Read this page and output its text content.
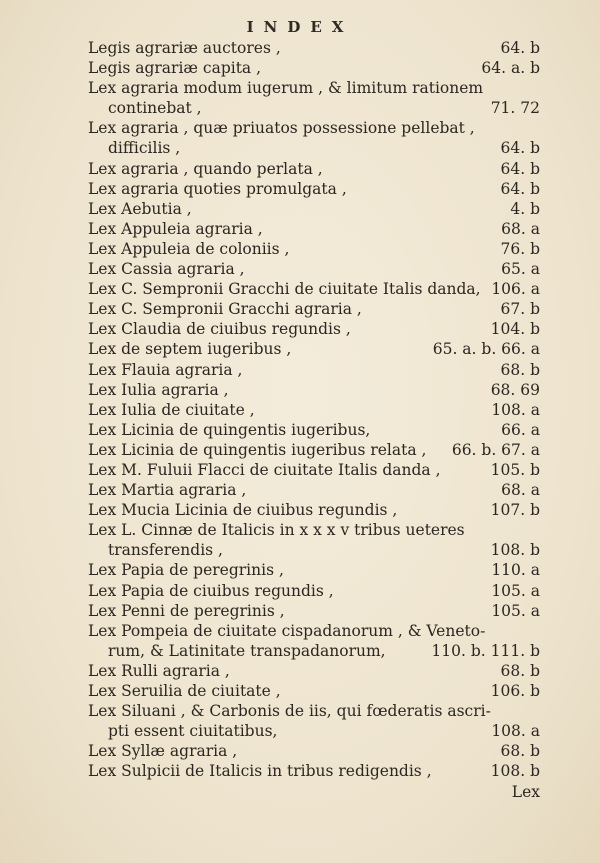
INDEX
Legis agrariæ auctores ,	64. b
Legis agrariæ capita ,	64. a. b
Lex agraria modum iugerum , & limitum rationem
continebat ,	71. 72
Lex agraria , quæ priuatos possessione pellebat ,
difficilis ,	64. b
Lex agraria , quando perlata ,	64. b
Lex agraria quoties promulgata ,	64. b
Lex Aebutia ,	4. b
Lex Appuleia agraria ,	68. a
Lex Appuleia de coloniis ,	76. b
Lex Cassia agraria ,	65. a
Lex C. Sempronii Gracchi de ciuitate Italis danda, 106. a
Lex C. Sempronii Gracchi agraria ,	67. b
Lex Claudia de ciuibus regundis ,	104. b
Lex de septem iugeribus ,	65. a. b. 66. a
Lex Flauia agraria ,	68. b
Lex Iulia agraria ,	68. 69
Lex Iulia de ciuitate ,	108. a
Lex Licinia de quingentis iugeribus,	66. a
Lex Licinia de quingentis iugeribus relata , 66. b. 67. a
Lex M. Fuluii Flacci de ciuitate Italis danda ,	105. b
Lex Martia agraria ,	68. a
Lex Mucia Licinia de ciuibus regundis ,	107. b
Lex L. Cinnæ de Italicis in x x x v tribus ueteres
transferendis ,	108. b
Lex Papia de peregrinis ,	110. a
Lex Papia de ciuibus regundis ,	105. a
Lex Penni de peregrinis ,	105. a
Lex Pompeia de ciuitate cispadanorum , & Veneto-
rum, & Latinitate transpadanorum,	110. b. 111. b
Lex Rulli agraria ,	68. b
Lex Seruilia de ciuitate ,	106. b
Lex Siluani , & Carbonis de iis, qui fœderatis ascri-
pti essent ciuitatibus,	108. a
Lex Syllæ agraria ,	68. b
Lex Sulpicii de Italicis in tribus redigendis ,	108. b
Lex
